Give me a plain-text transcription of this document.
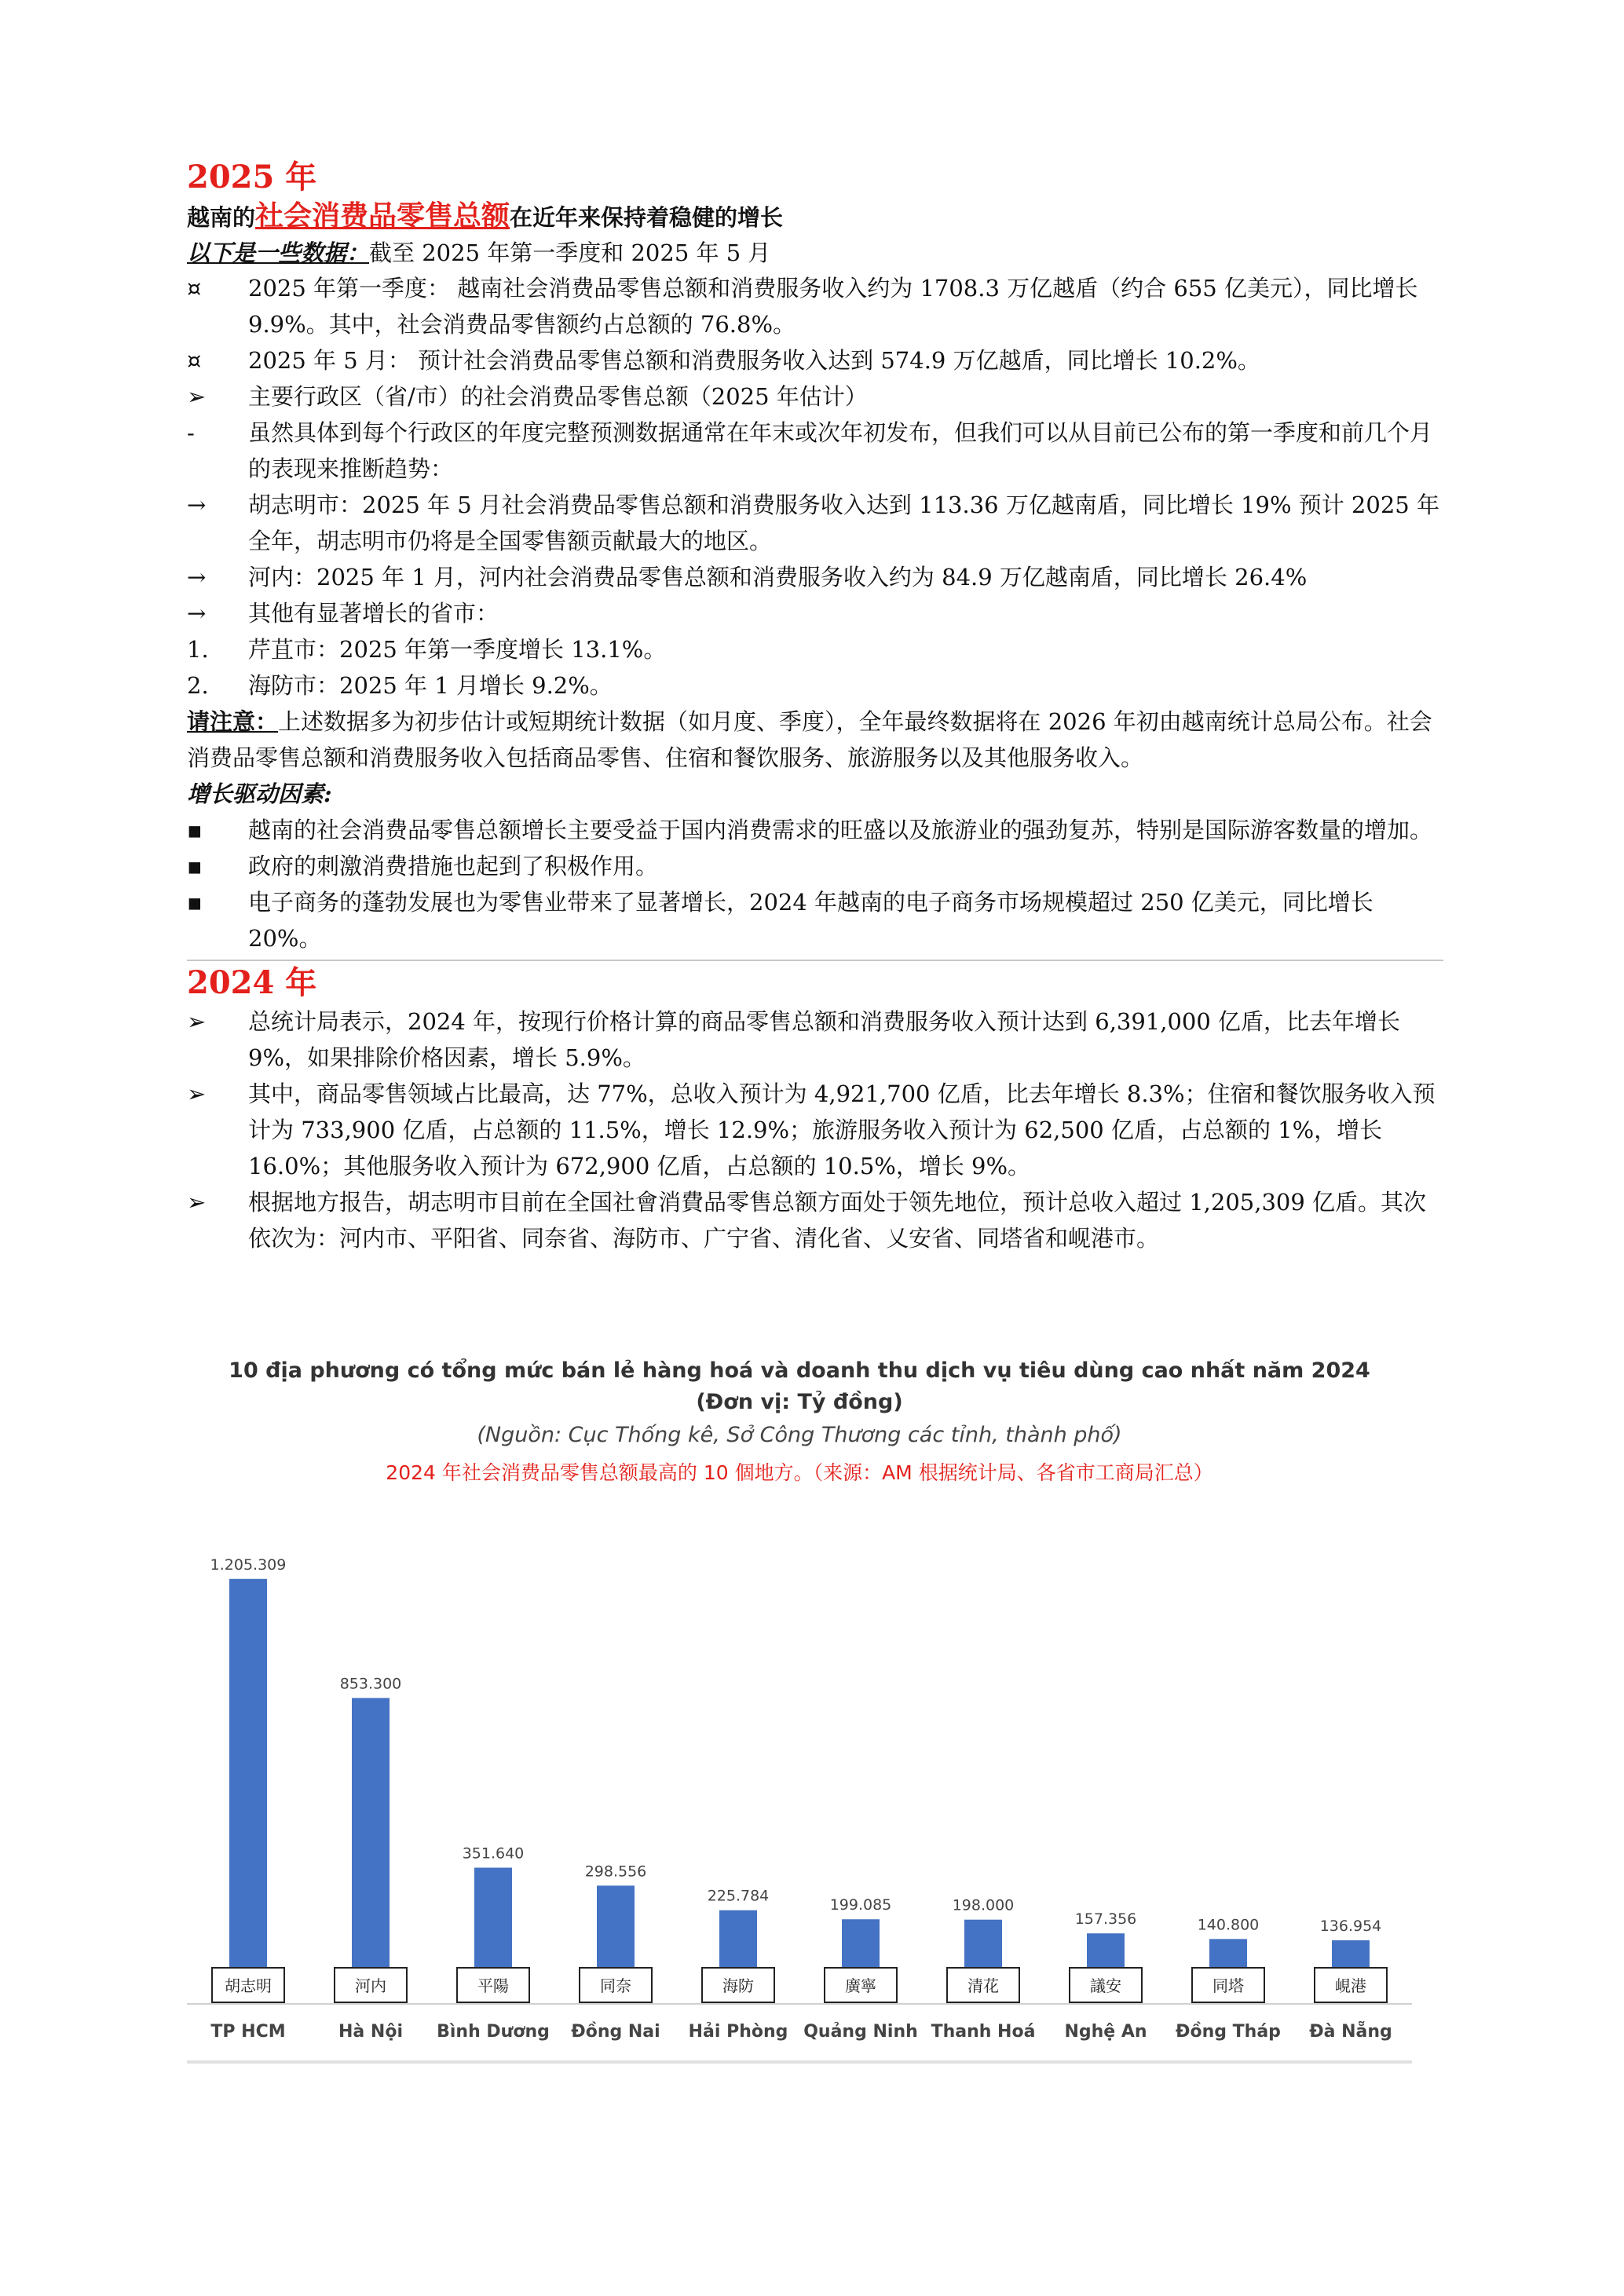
2025 年
越南的社会消费品零售总额在近年来保持着稳健的增长
以下是一些数据：截至 2025 年第一季度和 2025 年 5 月
¤	2025 年第一季度： 越南社会消费品零售总额和消费服务收入约为 1708.3 万亿越盾（约合 655 亿美元），同比增长 9.9%。其中，社会消费品零售额约占总额的 76.8%。
¤	2025 年 5 月： 预计社会消费品零售总额和消费服务收入达到 574.9 万亿越盾，同比增长 10.2%。
➢	主要行政区（省/市）的社会消费品零售总额（2025 年估计）
-	虽然具体到每个行政区的年度完整预测数据通常在年末或次年初发布，但我们可以从目前已公布的第一季度和前几个月的表现来推断趋势：
→	胡志明市：2025 年 5 月社会消费品零售总额和消费服务收入达到 113.36 万亿越南盾，同比增长 19% 预计 2025 年全年，胡志明市仍将是全国零售额贡献最大的地区。
→	河内：2025 年 1 月，河内社会消费品零售总额和消费服务收入约为 84.9 万亿越南盾，同比增长 26.4%
→	其他有显著增长的省市：
1.	芹苴市：2025 年第一季度增长 13.1%。
2.	海防市：2025 年 1 月增长 9.2%。
请注意：上述数据多为初步估计或短期统计数据（如月度、季度），全年最终数据将在 2026 年初由越南统计总局公布。社会消费品零售总额和消费服务收入包括商品零售、住宿和餐饮服务、旅游服务以及其他服务收入。
增长驱动因素:
▪	越南的社会消费品零售总额增长主要受益于国内消费需求的旺盛以及旅游业的强劲复苏，特别是国际游客数量的增加。
▪	政府的刺激消费措施也起到了积极作用。
▪	电子商务的蓬勃发展也为零售业带来了显著增长，2024 年越南的电子商务市场规模超过 250 亿美元，同比增长 20%。
2024 年
➢	总统计局表示，2024 年，按现行价格计算的商品零售总额和消费服务收入预计达到 6,391,000 亿盾，比去年增长 9%，如果排除价格因素，增长 5.9%。
➢	其中，商品零售领域占比最高，达 77%，总收入预计为 4,921,700 亿盾，比去年增长 8.3%；住宿和餐饮服务收入预计为 733,900 亿盾，占总额的 11.5%，增长 12.9%；旅游服务收入预计为 62,500 亿盾，占总额的 1%，增长 16.0%；其他服务收入预计为 672,900 亿盾，占总额的 10.5%，增长 9%。
➢	根据地方报告，胡志明市目前在全国社會消費品零售总额方面处于领先地位，预计总收入超过 1,205,309 亿盾。其次依次为：河内市、平阳省、同奈省、海防市、广宁省、清化省、乂安省、同塔省和岘港市。
10 địa phương có tổng mức bán lẻ hàng hoá và doanh thu dịch vụ tiêu dùng cao nhất năm 2024
(Đơn vị: Tỷ đồng)
(Nguồn: Cục Thống kê, Sở Công Thương các tỉnh, thành phố)
2024 年社会消费品零售总额最高的 10 個地方。（来源：AM 根据统计局、各省市工商局汇总）
1.205.309
胡志明
TP HCM
853.300
河内
Hà Nội
351.640
平陽
Bình Dương
298.556
同奈
Đồng Nai
225.784
海防
Hải Phòng
199.085
廣寧
Quảng Ninh
198.000
清花
Thanh Hoá
157.356
議安
Nghệ An
140.800
同塔
Đồng Tháp
136.954
峴港
Đà Nẵng
